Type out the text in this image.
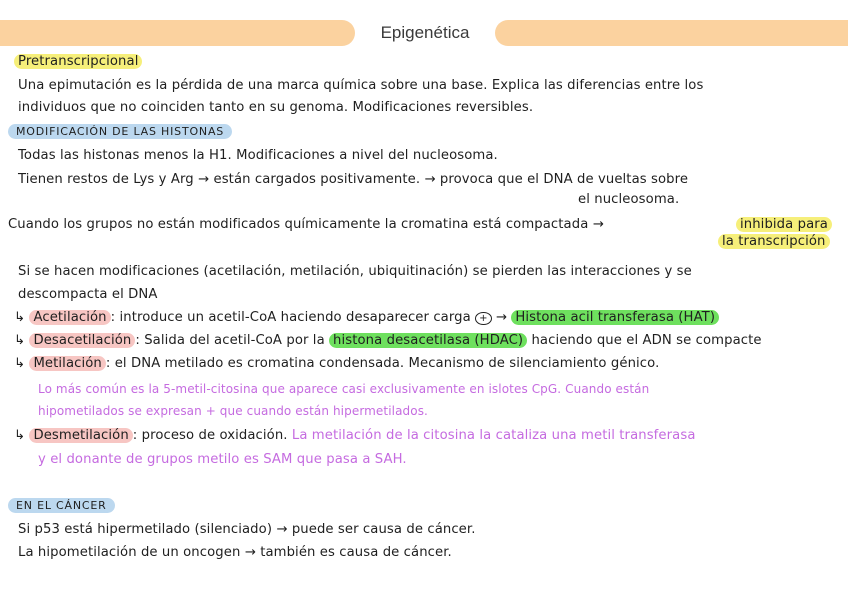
Epigenética
Pretranscripcional
Una epimutación es la pérdida de una marca química sobre una base. Explica las diferencias entre los
individuos que no coinciden tanto en su genoma. Modificaciones reversibles.
MODIFICACIÓN DE LAS HISTONAS
Todas las histonas menos la H1. Modificaciones a nivel del nucleosoma.
Tienen restos de Lys y Arg → están cargados positivamente. → provoca que el DNA de vueltas sobre
el nucleosoma.
Cuando los grupos no están modificados químicamente la cromatina está compactada →	inhibida para
la transcripción
Si se hacen modificaciones (acetilación, metilación, ubiquitinación) se pierden las interacciones y se
descompacta el DNA
↳ Acetilación : introduce un acetil-CoA haciendo desaparecer carga + → Histona acil transferasa (HAT)
↳ Desacetilación : Salida del acetil-CoA por la histona desacetilasa (HDAC) haciendo que el ADN se compacte
↳ Metilación : el DNA metilado es cromatina condensada. Mecanismo de silenciamiento génico.
Lo más común es la 5-metil-citosina que aparece casi exclusivamente en islotes CpG. Cuando están
hipometilados se expresan + que cuando están hipermetilados.
↳ Desmetilación : proceso de oxidación. La metilación de la citosina la cataliza una metil transferasa
y el donante de grupos metilo es SAM que pasa a SAH.
EN EL CÁNCER
Si p53 está hipermetilado (silenciado) → puede ser causa de cáncer.
La hipometilación de un oncogen → también es causa de cáncer.
